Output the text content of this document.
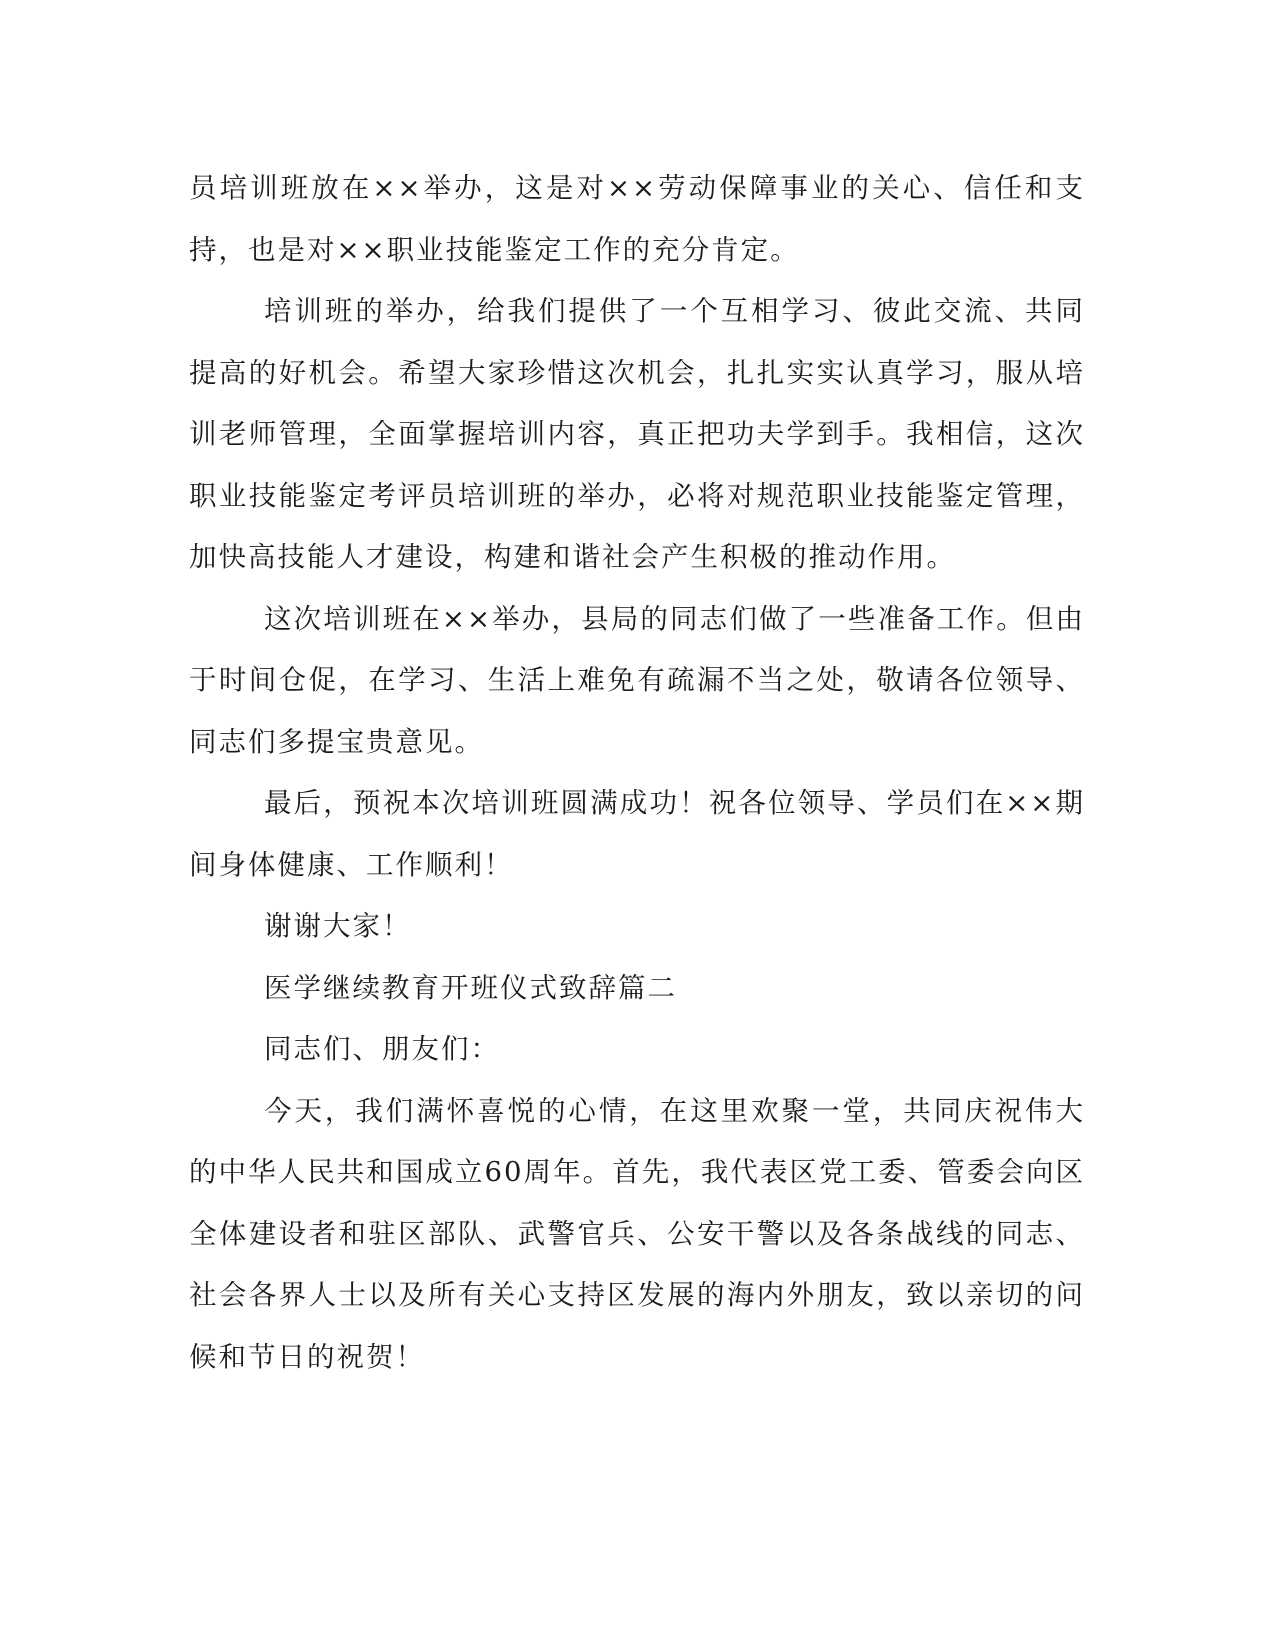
员培训班放在××举办，这是对××劳动保障事业的关心、信任和支持，也是对××职业技能鉴定工作的充分肯定。

培训班的举办，给我们提供了一个互相学习、彼此交流、共同提高的好机会。希望大家珍惜这次机会，扎扎实实认真学习，服从培训老师管理，全面掌握培训内容，真正把功夫学到手。我相信，这次职业技能鉴定考评员培训班的举办，必将对规范职业技能鉴定管理，加快高技能人才建设，构建和谐社会产生积极的推动作用。

这次培训班在××举办，县局的同志们做了一些准备工作。但由于时间仓促，在学习、生活上难免有疏漏不当之处，敬请各位领导、同志们多提宝贵意见。

最后，预祝本次培训班圆满成功！祝各位领导、学员们在××期间身体健康、工作顺利！

谢谢大家！

医学继续教育开班仪式致辞篇二

同志们、朋友们：

今天，我们满怀喜悦的心情，在这里欢聚一堂，共同庆祝伟大的中华人民共和国成立60周年。首先，我代表区党工委、管委会向区全体建设者和驻区部队、武警官兵、公安干警以及各条战线的同志、社会各界人士以及所有关心支持区发展的海内外朋友，致以亲切的问候和节日的祝贺！
